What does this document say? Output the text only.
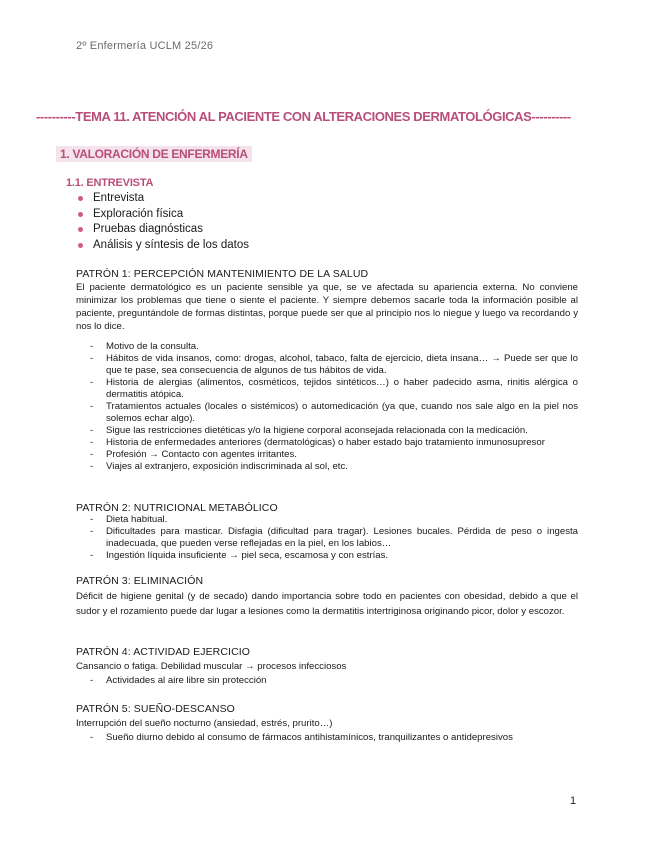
2º Enfermería UCLM 25/26
----------TEMA 11. ATENCIÓN AL PACIENTE CON ALTERACIONES DERMATOLÓGICAS----------
1. VALORACIÓN DE ENFERMERÍA
1.1. ENTREVISTA
Entrevista
Exploración física
Pruebas diagnósticas
Análisis y síntesis de los datos
PATRÓN 1: PERCEPCIÓN MANTENIMIENTO DE LA SALUD
El paciente dermatológico es un paciente sensible ya que, se ve afectada su apariencia externa. No conviene minimizar los problemas que tiene o siente el paciente. Y siempre debemos sacarle toda la información posible al paciente, preguntándole de formas distintas, porque puede ser que al principio nos lo niegue y luego va recordando y nos lo dice.
- Motivo de la consulta.
- Hábitos de vida insanos, como: drogas, alcohol, tabaco, falta de ejercicio, dieta insana… → Puede ser que lo que te pase, sea consecuencia de algunos de tus hábitos de vida.
- Historia de alergias (alimentos, cosméticos, tejidos sintéticos…) o haber padecido asma, rinitis alérgica o dermatitis atópica.
- Tratamientos actuales (locales o sistémicos) o automedicación (ya que, cuando nos sale algo en la piel nos solemos echar algo).
- Sigue las restricciones dietéticas y/o la higiene corporal aconsejada relacionada con la medicación.
- Historia de enfermedades anteriores (dermatológicas) o haber estado bajo tratamiento inmunosupresor
- Profesión → Contacto con agentes irritantes.
- Viajes al extranjero, exposición indiscriminada al sol, etc.
PATRÓN 2: NUTRICIONAL METABÓLICO
- Dieta habitual.
- Dificultades para masticar. Disfagia (dificultad para tragar). Lesiones bucales. Pérdida de peso o ingesta inadecuada, que pueden verse reflejadas en la piel, en los labios…
- Ingestión líquida insuficiente → piel seca, escamosa y con estrías.
PATRÓN 3: ELIMINACIÓN
Déficit de higiene genital (y de secado) dando importancia sobre todo en pacientes con obesidad, debido a que el sudor y el rozamiento puede dar lugar a lesiones como la dermatitis intertriginosa originando picor, dolor y escozor.
PATRÓN 4: ACTIVIDAD EJERCICIO
Cansancio o fatiga. Debilidad muscular → procesos infecciosos
- Actividades al aire libre sin protección
PATRÓN 5: SUEÑO-DESCANSO
Interrupción del sueño nocturno (ansiedad, estrés, prurito…)
- Sueño diurno debido al consumo de fármacos antihistamínicos, tranquilizantes o antidepresivos
1
